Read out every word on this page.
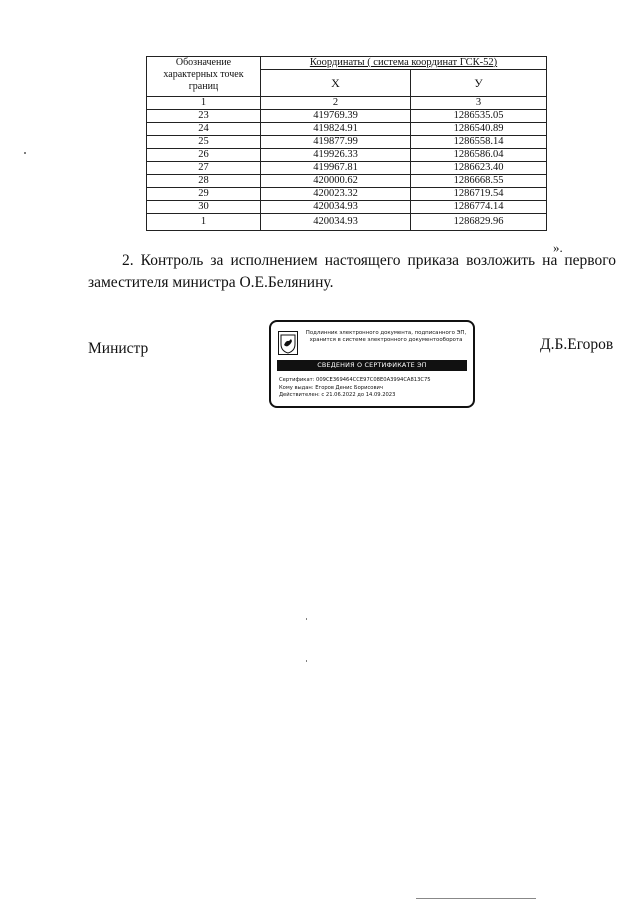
Обозначение характерных точек границ	Координаты ( система координат ГСК-52)	
	X	У
1	2	3
23	419769.39	1286535.05
24	419824.91	1286540.89
25	419877.99	1286558.14
26	419926.33	1286586.04
27	419967.81	1286623.40
28	420000.62	1286668.55
29	420023.32	1286719.54
30	420034.93	1286774.14
1	420034.93	1286829.96
».
2. Контроль за исполнением настоящего приказа возложить на первого заместителя министра О.Е.Белянину.
Министр	Д.Б.Егоров
Подлинник электронного документа, подписанного ЭП, хранится в системе электронного документооборота
СВЕДЕНИЯ О СЕРТИФИКАТЕ ЭП
Сертификат: 009CE369464CCE97C08E0A3994CA813C75
Кому выдан: Егоров Денис Борисович
Действителен: с 21.06.2022 до 14.09.2023
